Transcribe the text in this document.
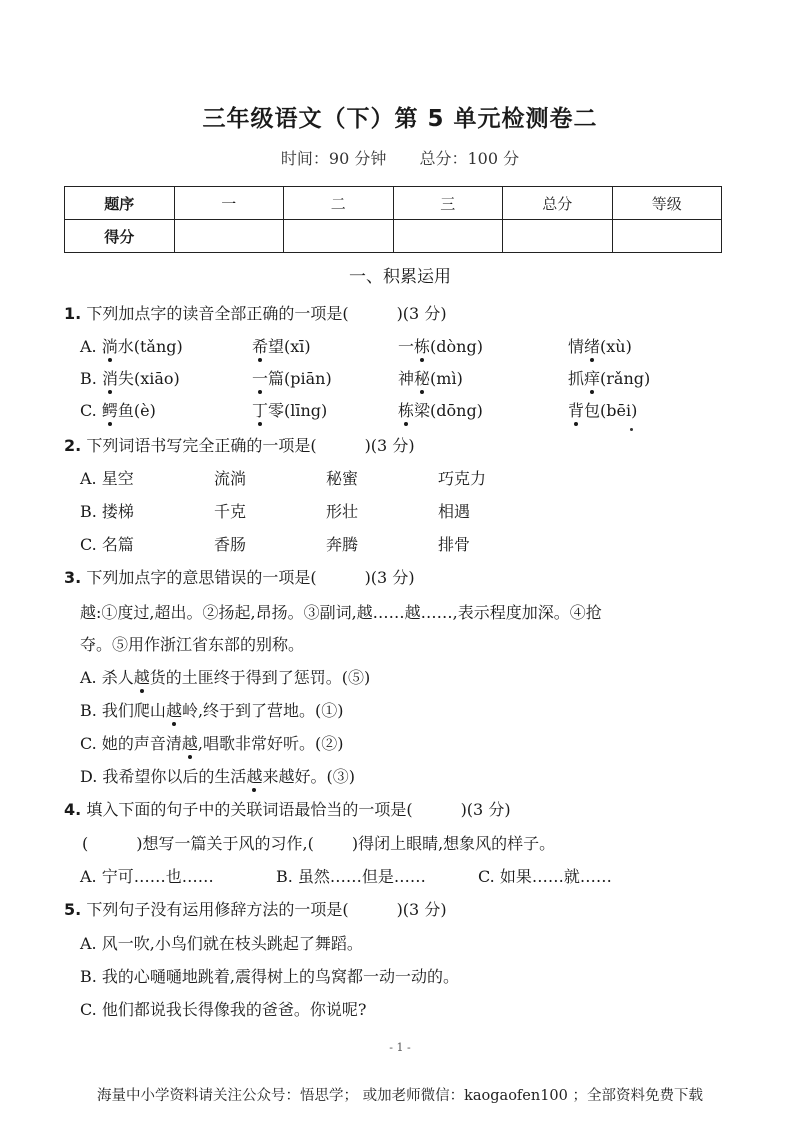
三年级语文（下）第 5 单元检测卷二
时间：90 分钟 总分：100 分
题序	一	二	三	总分	等级
得分					
一、积累运用
1. 下列加点字的读音全部正确的一项是(	)(3 分)
A. 淌水(tǎng)	希望(xī)	一栋(dòng)	情绪(xù)
B. 消失(xiāo)	一篇(piān)	神秘(mì)	抓痒(rǎng)
C. 鳄鱼(è)	丁零(līng)	栋梁(dōng)	背包(bēi)
2. 下列词语书写完全正确的一项是(	)(3 分)
A. 星空	流淌	秘蜜	巧克力
B. 搂梯	千克	形壮	相遇
C. 名篇	香肠	奔腾	排骨
3. 下列加点字的意思错误的一项是(	)(3 分)
越:①度过,超出。②扬起,昂扬。③副词,越……越……,表示程度加深。④抢
夺。⑤用作浙江省东部的别称。
A. 杀人越货的土匪终于得到了惩罚。(⑤)
B. 我们爬山越岭,终于到了营地。(①)
C. 她的声音清越,唱歌非常好听。(②)
D. 我希望你以后的生活越来越好。(③)
4. 填入下面的句子中的关联词语最恰当的一项是(	)(3 分)
(	)想写一篇关于风的习作,( )得闭上眼睛,想象风的样子。
A. 宁可……也……	B. 虽然……但是……	C. 如果……就……
5. 下列句子没有运用修辞方法的一项是(	)(3 分)
A. 风一吹,小鸟们就在枝头跳起了舞蹈。
B. 我的心嗵嗵地跳着,震得树上的鸟窝都一动一动的。
C. 他们都说我长得像我的爸爸。你说呢?
- 1 -
海量中小学资料请关注公众号：悟思学； 或加老师微信：kaogaofen100 ；全部资料免费下载
